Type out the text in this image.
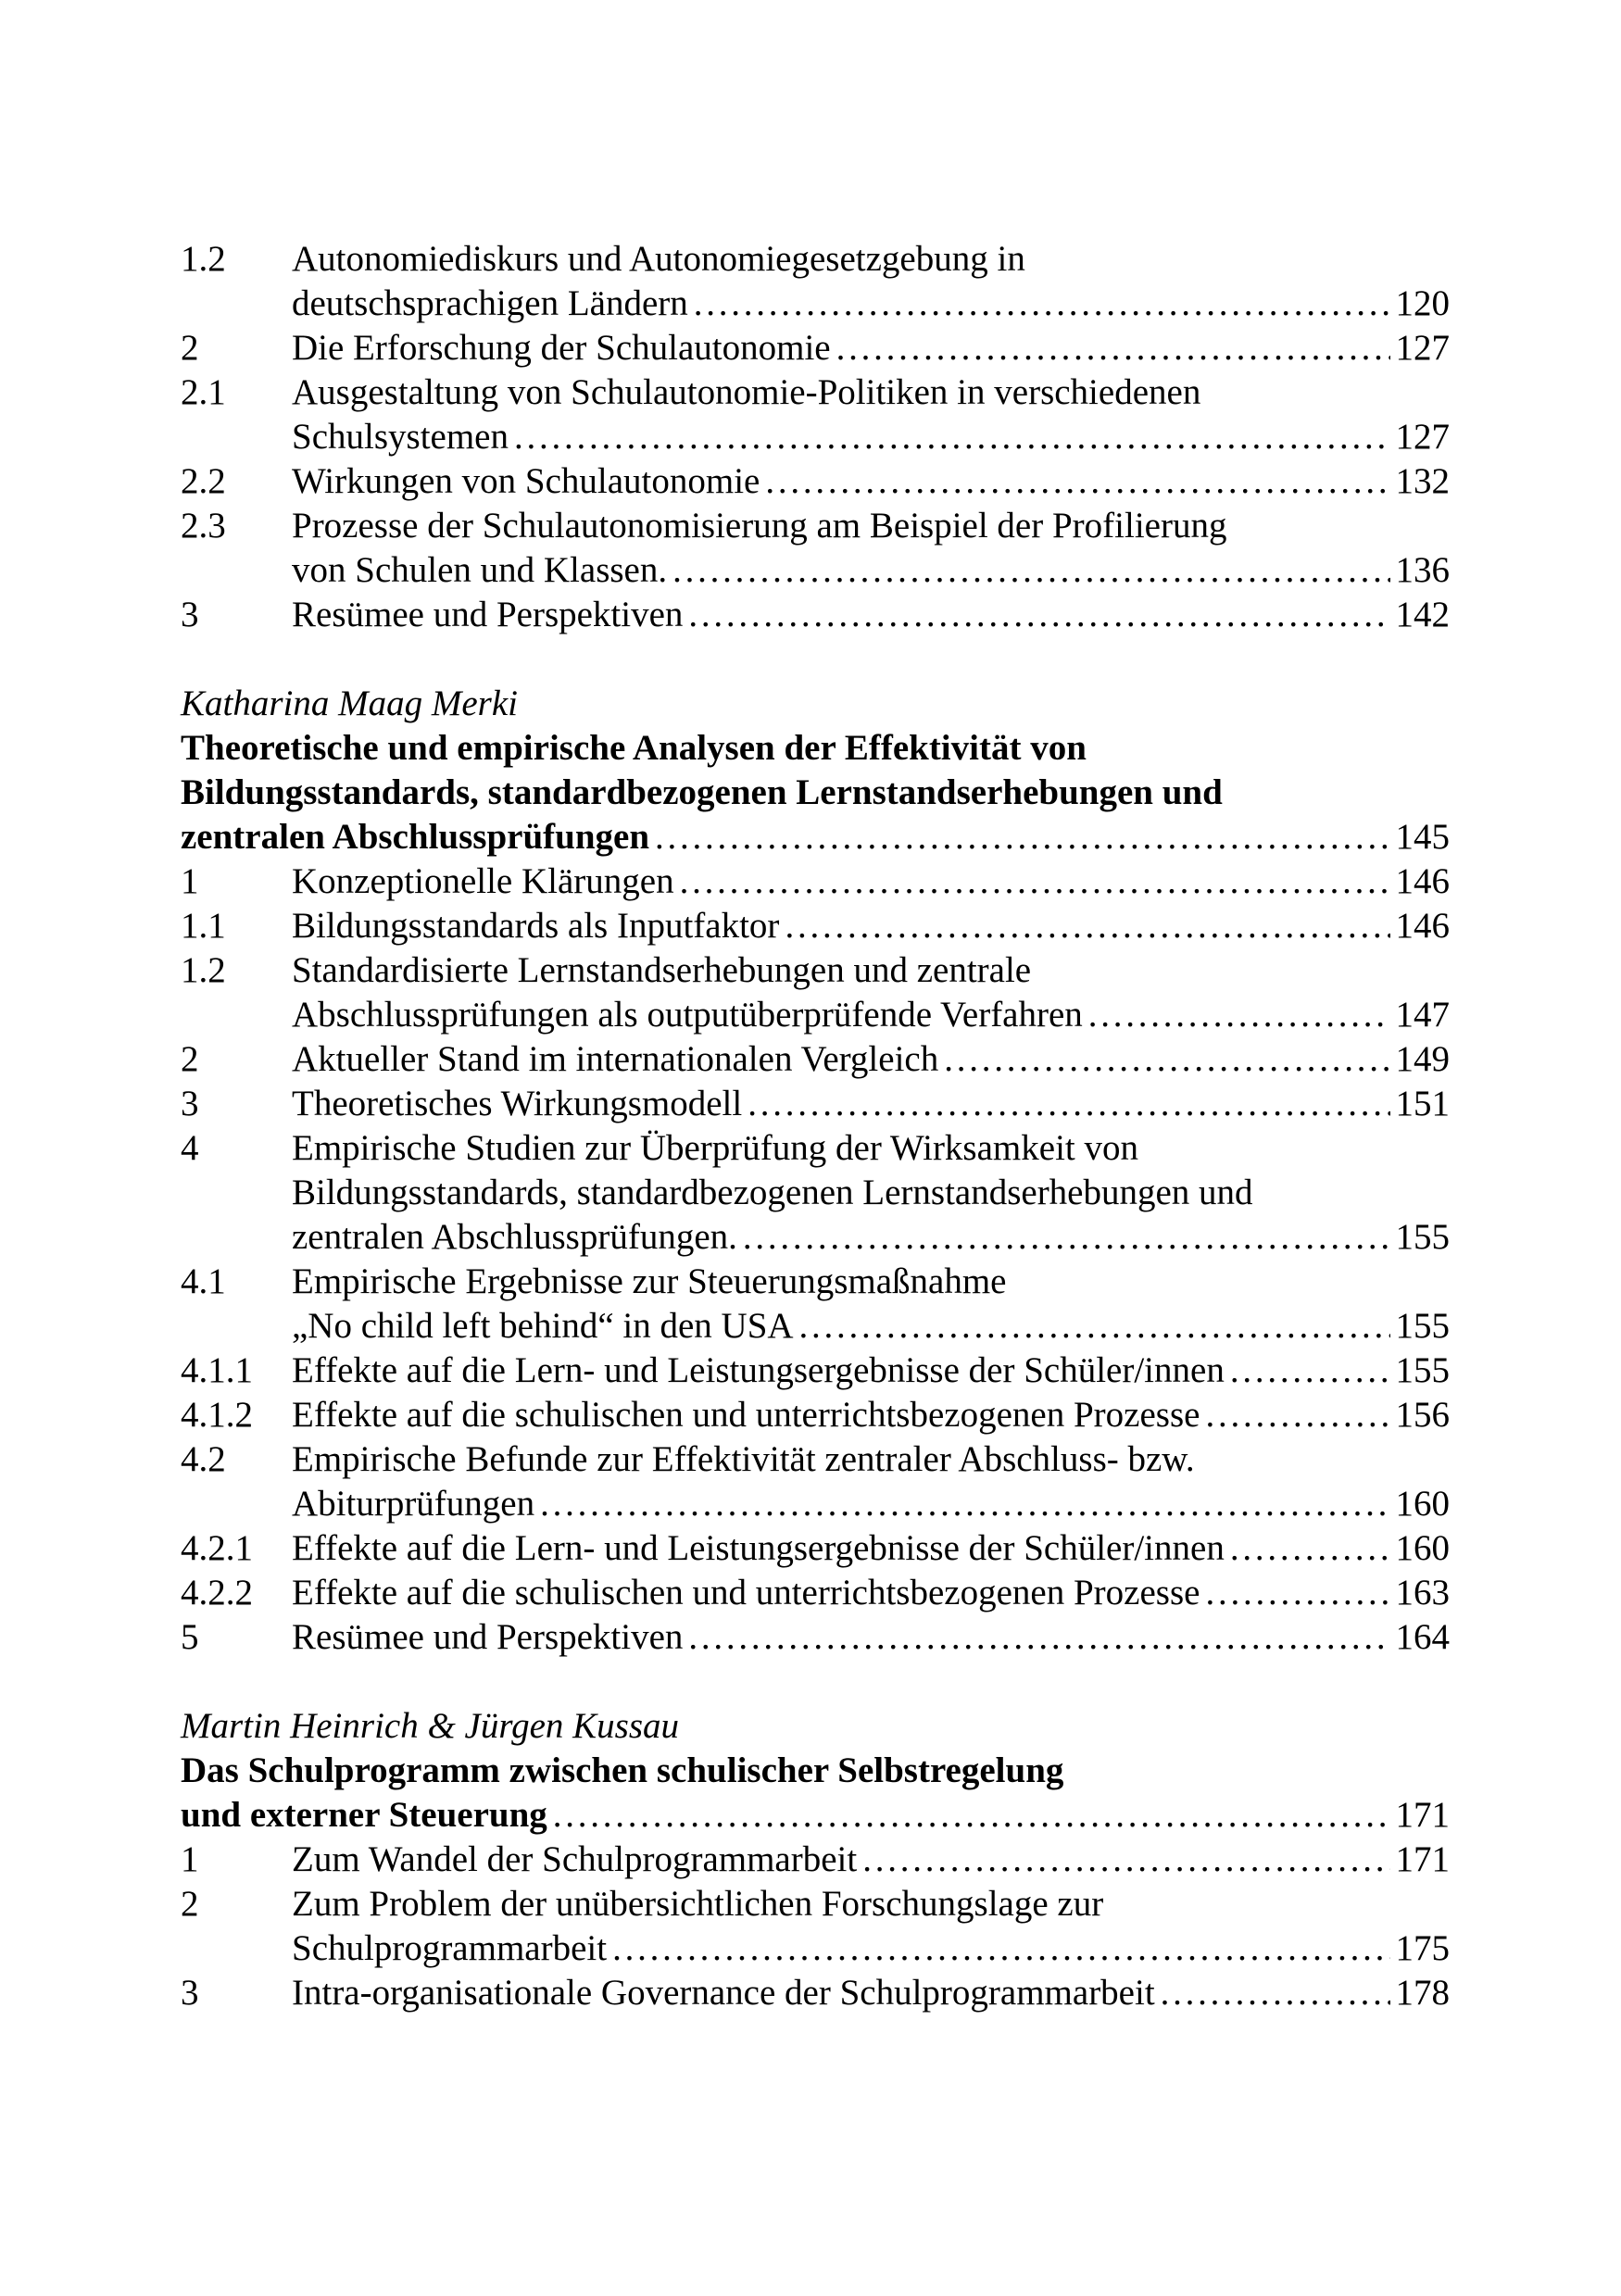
1.2	Autonomiediskurs und Autonomiegesetzgebung in
deutschsprachigen Ländern . . .	120
2	Die Erforschung der Schulautonomie . . .	127
2.1	Ausgestaltung von Schulautonomie-Politiken in verschiedenen
Schulsystemen . . .	127
2.2	Wirkungen von Schulautonomie . . .	132
2.3	Prozesse der Schulautonomisierung am Beispiel der Profilierung
von Schulen und Klassen. . . .	136
3	Resümee und Perspektiven . . .	142
Katharina Maag Merki
Theoretische und empirische Analysen der Effektivität von
Bildungsstandards, standardbezogenen Lernstandserhebungen und
zentralen Abschlussprüfungen . . .	145
1	Konzeptionelle Klärungen . . .	146
1.1	Bildungsstandards als Inputfaktor . . .	146
1.2	Standardisierte Lernstandserhebungen und zentrale
Abschlussprüfungen als outputüberprüfende Verfahren . . .	147
2	Aktueller Stand im internationalen Vergleich . . .	149
3	Theoretisches Wirkungsmodell . . .	151
4	Empirische Studien zur Überprüfung der Wirksamkeit von
Bildungsstandards, standardbezogenen Lernstandserhebungen und
zentralen Abschlussprüfungen. . . .	155
4.1	Empirische Ergebnisse zur Steuerungsmaßnahme
„No child left behind“ in den USA . . .	155
4.1.1	Effekte auf die Lern- und Leistungsergebnisse der Schüler/innen . . .	155
4.1.2	Effekte auf die schulischen und unterrichtsbezogenen Prozesse . . .	156
4.2	Empirische Befunde zur Effektivität zentraler Abschluss- bzw.
Abiturprüfungen . . .	160
4.2.1	Effekte auf die Lern- und Leistungsergebnisse der Schüler/innen . . .	160
4.2.2	Effekte auf die schulischen und unterrichtsbezogenen Prozesse . . .	163
5	Resümee und Perspektiven . . .	164
Martin Heinrich & Jürgen Kussau
Das Schulprogramm zwischen schulischer Selbstregelung
und externer Steuerung . . .	171
1	Zum Wandel der Schulprogrammarbeit . . .	171
2	Zum Problem der unübersichtlichen Forschungslage zur
Schulprogrammarbeit . . .	175
3	Intra-organisationale Governance der Schulprogrammarbeit . . .	178
